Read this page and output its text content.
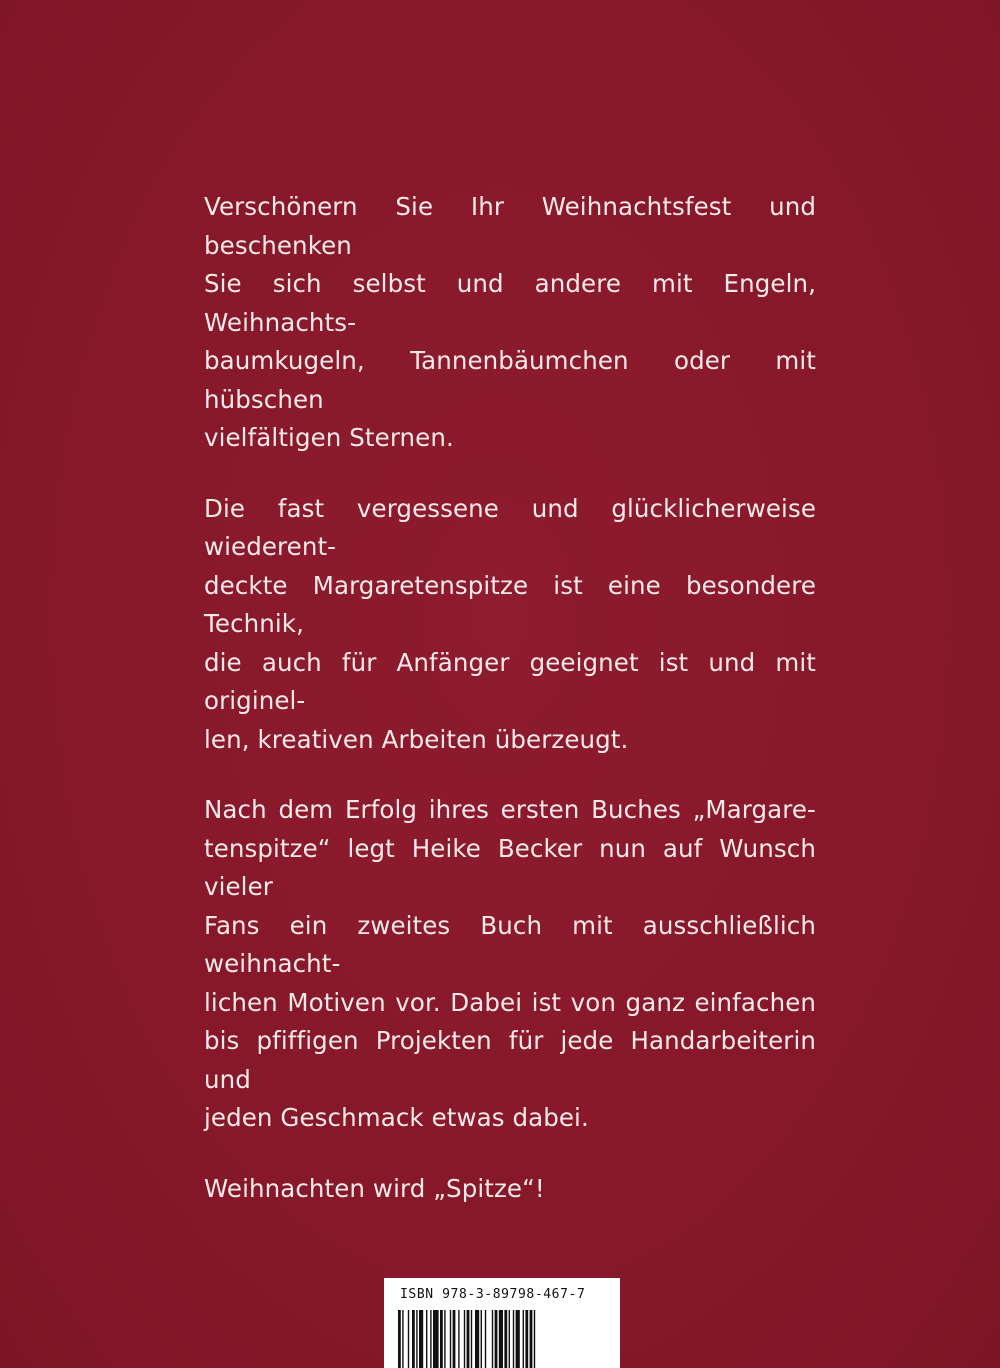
Verschönern Sie Ihr Weihnachtsfest und beschenken
Sie sich selbst und andere mit Engeln, Weihnachts-
baumkugeln, Tannenbäumchen oder mit hübschen
vielfältigen Sternen.

Die fast vergessene und glücklicherweise wiederent-
deckte Margaretenspitze ist eine besondere Technik,
die auch für Anfänger geeignet ist und mit originel-
len, kreativen Arbeiten überzeugt.

Nach dem Erfolg ihres ersten Buches „Margare-
tenspitze“ legt Heike Becker nun auf Wunsch vieler
Fans ein zweites Buch mit ausschließlich weihnacht-
lichen Motiven vor. Dabei ist von ganz einfachen
bis pfiffigen Projekten für jede Handarbeiterin und
jeden Geschmack etwas dabei.

Weihnachten wird „Spitze“!

ISBN 978-3-89798-467-7
